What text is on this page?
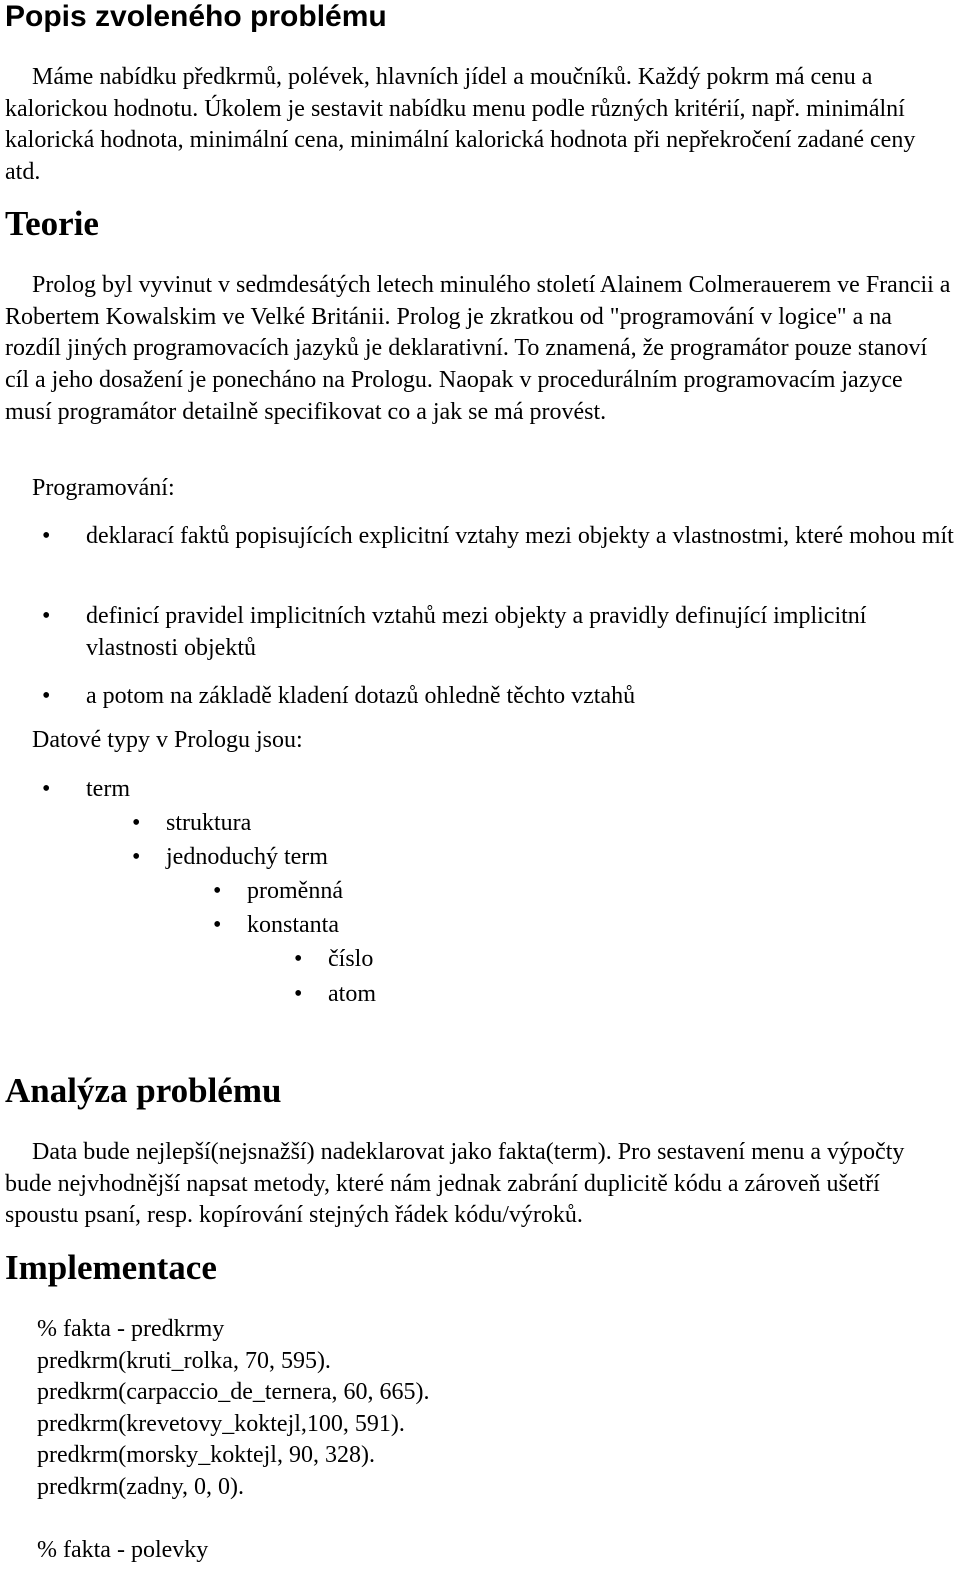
Popis zvoleného problému

Máme nabídku předkrmů, polévek, hlavních jídel a moučníků. Každý pokrm má cenu a kalorickou hodnotu. Úkolem je sestavit nabídku menu podle různých kritérií, např. minimální kalorická hodnota, minimální cena, minimální kalorická hodnota při nepřekročení zadané ceny atd.

Teorie

Prolog byl vyvinut v sedmdesátých letech minulého století Alainem Colmerauerem ve Francii a Robertem Kowalskim ve Velké Británii. Prolog je zkratkou od "programování v logice" a na rozdíl jiných programovacích jazyků je deklarativní. To znamená, že programátor pouze stanoví cíl a jeho dosažení je ponecháno na Prologu. Naopak v procedurálním programovacím jazyce musí programátor detailně specifikovat co a jak se má provést.

Programování:

• deklarací faktů popisujících explicitní vztahy mezi objekty a vlastnostmi, které mohou mít
• definicí pravidel implicitních vztahů mezi objekty a pravidly definující implicitní vlastnosti objektů
• a potom na základě kladení dotazů ohledně těchto vztahů

Datové typy v Prologu jsou:

• term
• struktura
• jednoduchý term
• proměnná
• konstanta
• číslo
• atom
Analýza problému

Data bude nejlepší(nejsnažší) nadeklarovat jako fakta(term). Pro sestavení menu a výpočty bude nejvhodnější napsat metody, které nám jednak zabrání duplicitě kódu a zároveň ušetří spoustu psaní, resp. kopírování stejných řádek kódu/výroků.

Implementace
% fakta - predkrmy
predkrm(kruti_rolka, 70, 595).
predkrm(carpaccio_de_ternera, 60, 665).
predkrm(krevetovy_koktejl,100, 591).
predkrm(morsky_koktejl, 90, 328).
predkrm(zadny, 0, 0).
% fakta - polevky
